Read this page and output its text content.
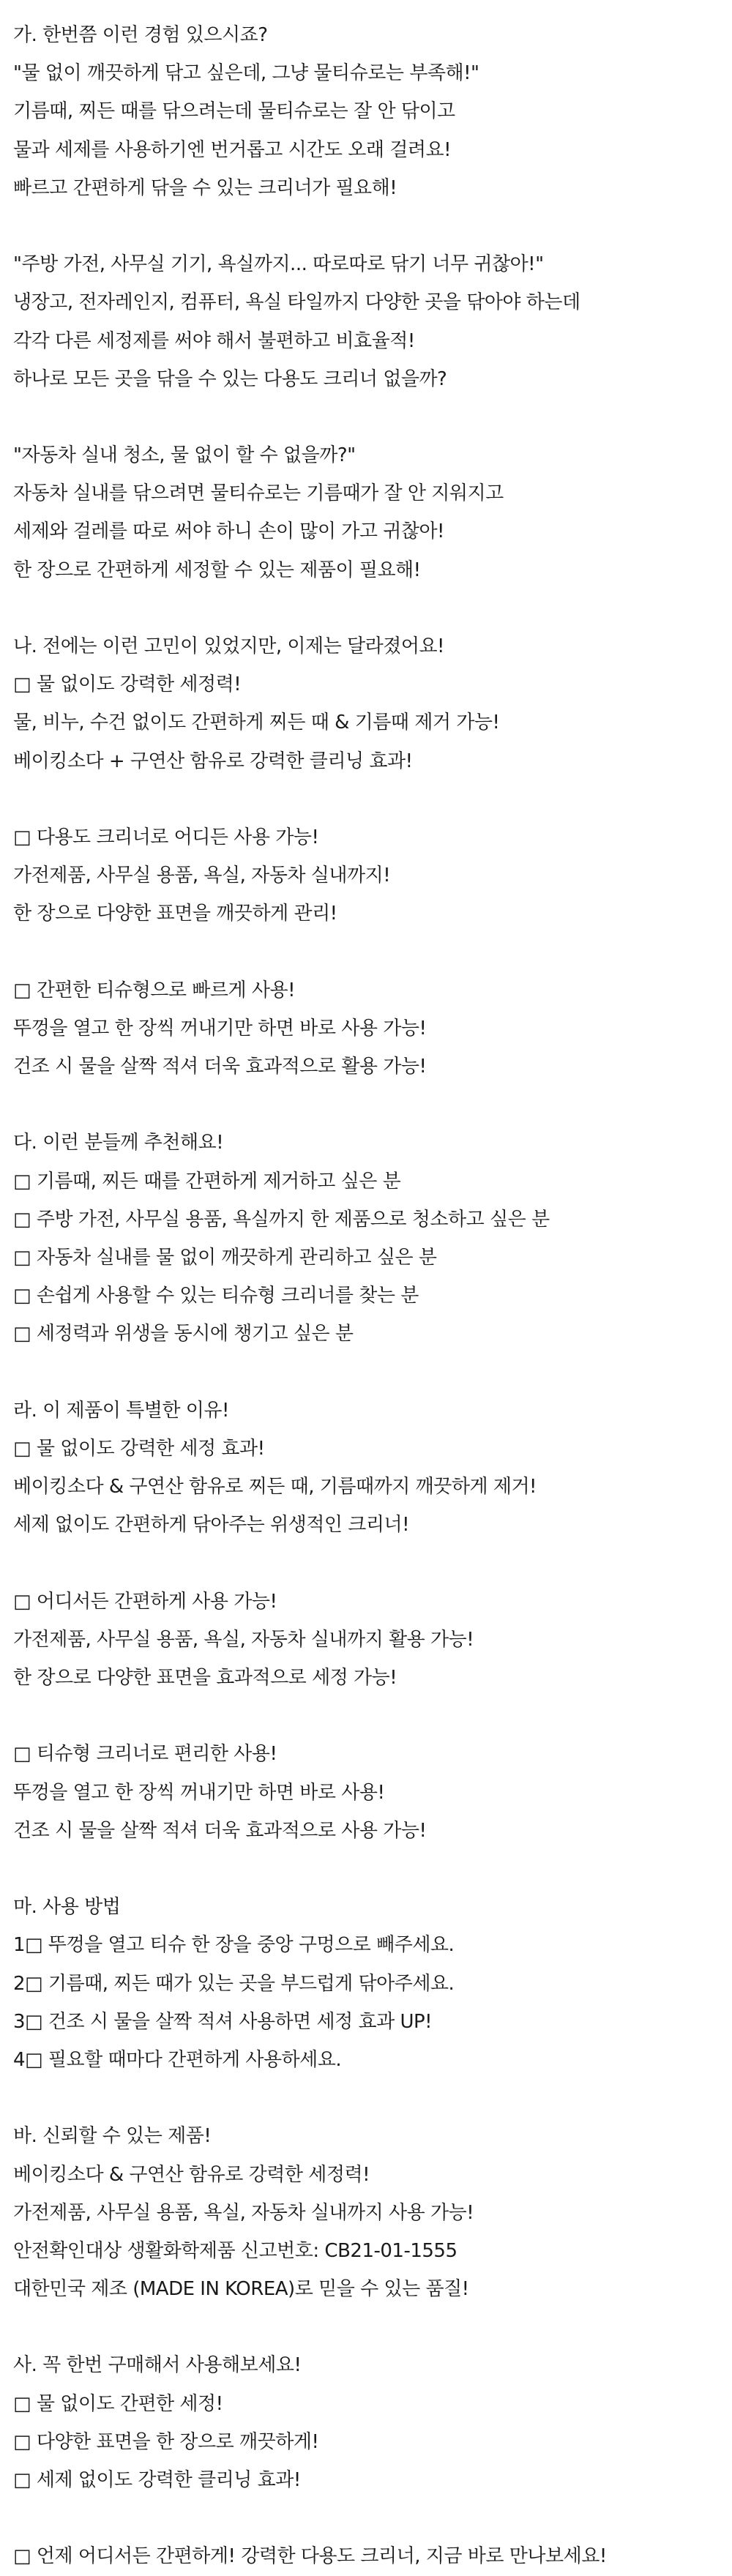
가. 한번쯤 이런 경험 있으시죠?
"물 없이 깨끗하게 닦고 싶은데, 그냥 물티슈로는 부족해!"
기름때, 찌든 때를 닦으려는데 물티슈로는 잘 안 닦이고
물과 세제를 사용하기엔 번거롭고 시간도 오래 걸려요!
빠르고 간편하게 닦을 수 있는 크리너가 필요해!
"주방 가전, 사무실 기기, 욕실까지... 따로따로 닦기 너무 귀찮아!"
냉장고, 전자레인지, 컴퓨터, 욕실 타일까지 다양한 곳을 닦아야 하는데
각각 다른 세정제를 써야 해서 불편하고 비효율적!
하나로 모든 곳을 닦을 수 있는 다용도 크리너 없을까?
"자동차 실내 청소, 물 없이 할 수 없을까?"
자동차 실내를 닦으려면 물티슈로는 기름때가 잘 안 지워지고
세제와 걸레를 따로 써야 하니 손이 많이 가고 귀찮아!
한 장으로 간편하게 세정할 수 있는 제품이 필요해!
나. 전에는 이런 고민이 있었지만, 이제는 달라졌어요!
□ 물 없이도 강력한 세정력!
물, 비누, 수건 없이도 간편하게 찌든 때 & 기름때 제거 가능!
베이킹소다 + 구연산 함유로 강력한 클리닝 효과!
□ 다용도 크리너로 어디든 사용 가능!
가전제품, 사무실 용품, 욕실, 자동차 실내까지!
한 장으로 다양한 표면을 깨끗하게 관리!
□ 간편한 티슈형으로 빠르게 사용!
뚜껑을 열고 한 장씩 꺼내기만 하면 바로 사용 가능!
건조 시 물을 살짝 적셔 더욱 효과적으로 활용 가능!
다. 이런 분들께 추천해요!
□ 기름때, 찌든 때를 간편하게 제거하고 싶은 분
□ 주방 가전, 사무실 용품, 욕실까지 한 제품으로 청소하고 싶은 분
□ 자동차 실내를 물 없이 깨끗하게 관리하고 싶은 분
□ 손쉽게 사용할 수 있는 티슈형 크리너를 찾는 분
□ 세정력과 위생을 동시에 챙기고 싶은 분
라. 이 제품이 특별한 이유!
□ 물 없이도 강력한 세정 효과!
베이킹소다 & 구연산 함유로 찌든 때, 기름때까지 깨끗하게 제거!
세제 없이도 간편하게 닦아주는 위생적인 크리너!
□ 어디서든 간편하게 사용 가능!
가전제품, 사무실 용품, 욕실, 자동차 실내까지 활용 가능!
한 장으로 다양한 표면을 효과적으로 세정 가능!
□ 티슈형 크리너로 편리한 사용!
뚜껑을 열고 한 장씩 꺼내기만 하면 바로 사용!
건조 시 물을 살짝 적셔 더욱 효과적으로 사용 가능!
마. 사용 방법
1□ 뚜껑을 열고 티슈 한 장을 중앙 구멍으로 빼주세요.
2□ 기름때, 찌든 때가 있는 곳을 부드럽게 닦아주세요.
3□ 건조 시 물을 살짝 적셔 사용하면 세정 효과 UP!
4□ 필요할 때마다 간편하게 사용하세요.
바. 신뢰할 수 있는 제품!
베이킹소다 & 구연산 함유로 강력한 세정력!
가전제품, 사무실 용품, 욕실, 자동차 실내까지 사용 가능!
안전확인대상 생활화학제품 신고번호: CB21-01-1555
대한민국 제조 (MADE IN KOREA)로 믿을 수 있는 품질!
사. 꼭 한번 구매해서 사용해보세요!
□ 물 없이도 간편한 세정!
□ 다양한 표면을 한 장으로 깨끗하게!
□ 세제 없이도 강력한 클리닝 효과!
□ 언제 어디서든 간편하게! 강력한 다용도 크리너, 지금 바로 만나보세요!
